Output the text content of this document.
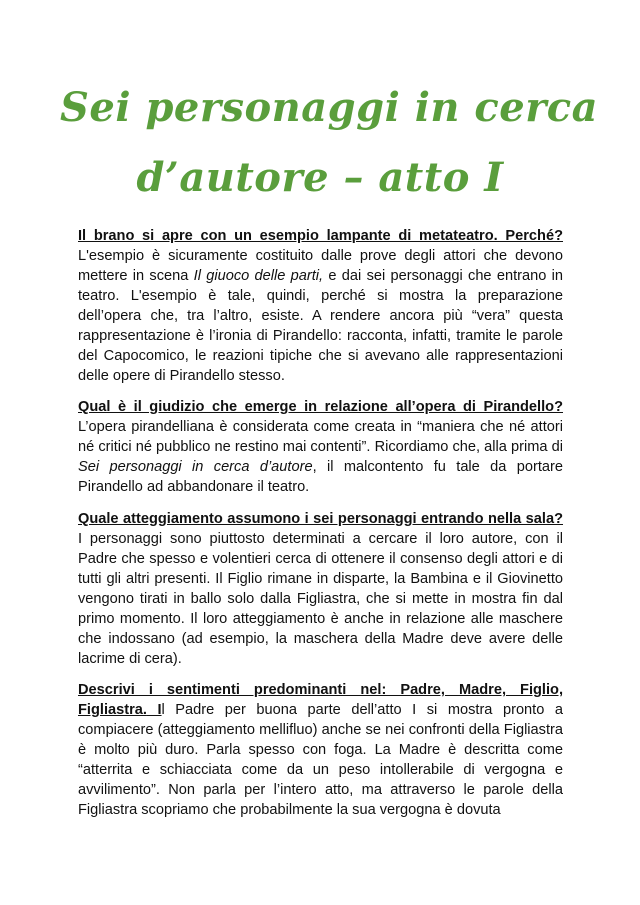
Sei personaggi in cerca
d’autore – atto I

Il brano si apre con un esempio lampante di metateatro. Perché? L'esempio è sicuramente costituito dalle prove degli attori che devono mettere in scena Il giuoco delle parti, e dai sei personaggi che entrano in teatro. L'esempio è tale, quindi, perché si mostra la preparazione dell’opera che, tra l’altro, esiste. A rendere ancora più “vera” questa rappresentazione è l’ironia di Pirandello: racconta, infatti, tramite le parole del Capocomico, le reazioni tipiche che si avevano alle rappresentazioni delle opere di Pirandello stesso.

Qual è il giudizio che emerge in relazione all’opera di Pirandello? L’opera pirandelliana è considerata come creata in “maniera che né attori né critici né pubblico ne restino mai contenti”. Ricordiamo che, alla prima di Sei personaggi in cerca d’autore, il malcontento fu tale da portare Pirandello ad abbandonare il teatro.

Quale atteggiamento assumono i sei personaggi entrando nella sala? I personaggi sono piuttosto determinati a cercare il loro autore, con il Padre che spesso e volentieri cerca di ottenere il consenso degli attori e di tutti gli altri presenti. Il Figlio rimane in disparte, la Bambina e il Giovinetto vengono tirati in ballo solo dalla Figliastra, che si mette in mostra fin dal primo momento. Il loro atteggiamento è anche in relazione alle maschere che indossano (ad esempio, la maschera della Madre deve avere delle lacrime di cera).

Descrivi i sentimenti predominanti nel: Padre, Madre, Figlio, Figliastra. Il Padre per buona parte dell’atto I si mostra pronto a compiacere (atteggiamento mellifluo) anche se nei confronti della Figliastra è molto più duro. Parla spesso con foga. La Madre è descritta come “atterrita e schiacciata come da un peso intollerabile di vergogna e avvilimento”. Non parla per l’intero atto, ma attraverso le parole della Figliastra scopriamo che probabilmente la sua vergogna è dovuta
